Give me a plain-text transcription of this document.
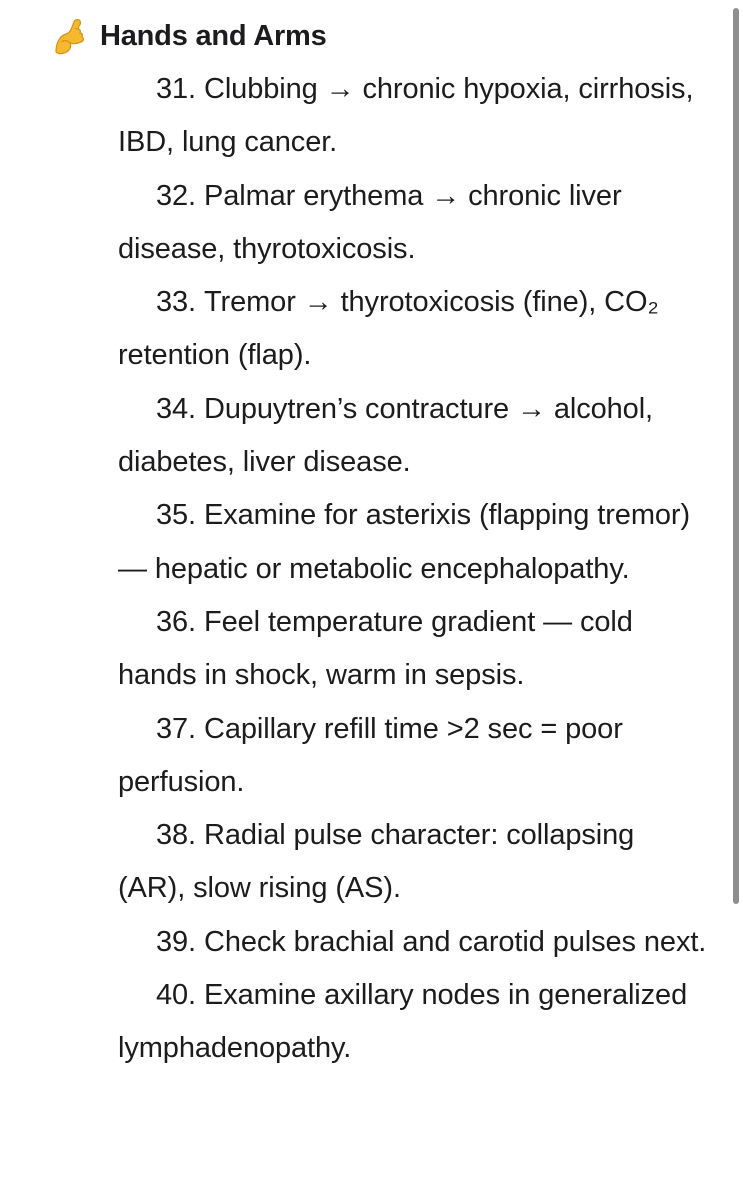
Hands and Arms
31. Clubbing → chronic hypoxia, cirrhosis, IBD, lung cancer.
32. Palmar erythema → chronic liver disease, thyrotoxicosis.
33. Tremor → thyrotoxicosis (fine), CO₂ retention (flap).
34. Dupuytren’s contracture → alcohol, diabetes, liver disease.
35. Examine for asterixis (flapping tremor) — hepatic or metabolic encephalopathy.
36. Feel temperature gradient — cold hands in shock, warm in sepsis.
37. Capillary refill time >2 sec = poor perfusion.
38. Radial pulse character: collapsing (AR), slow rising (AS).
39. Check brachial and carotid pulses next.
40. Examine axillary nodes in generalized lymphadenopathy.
